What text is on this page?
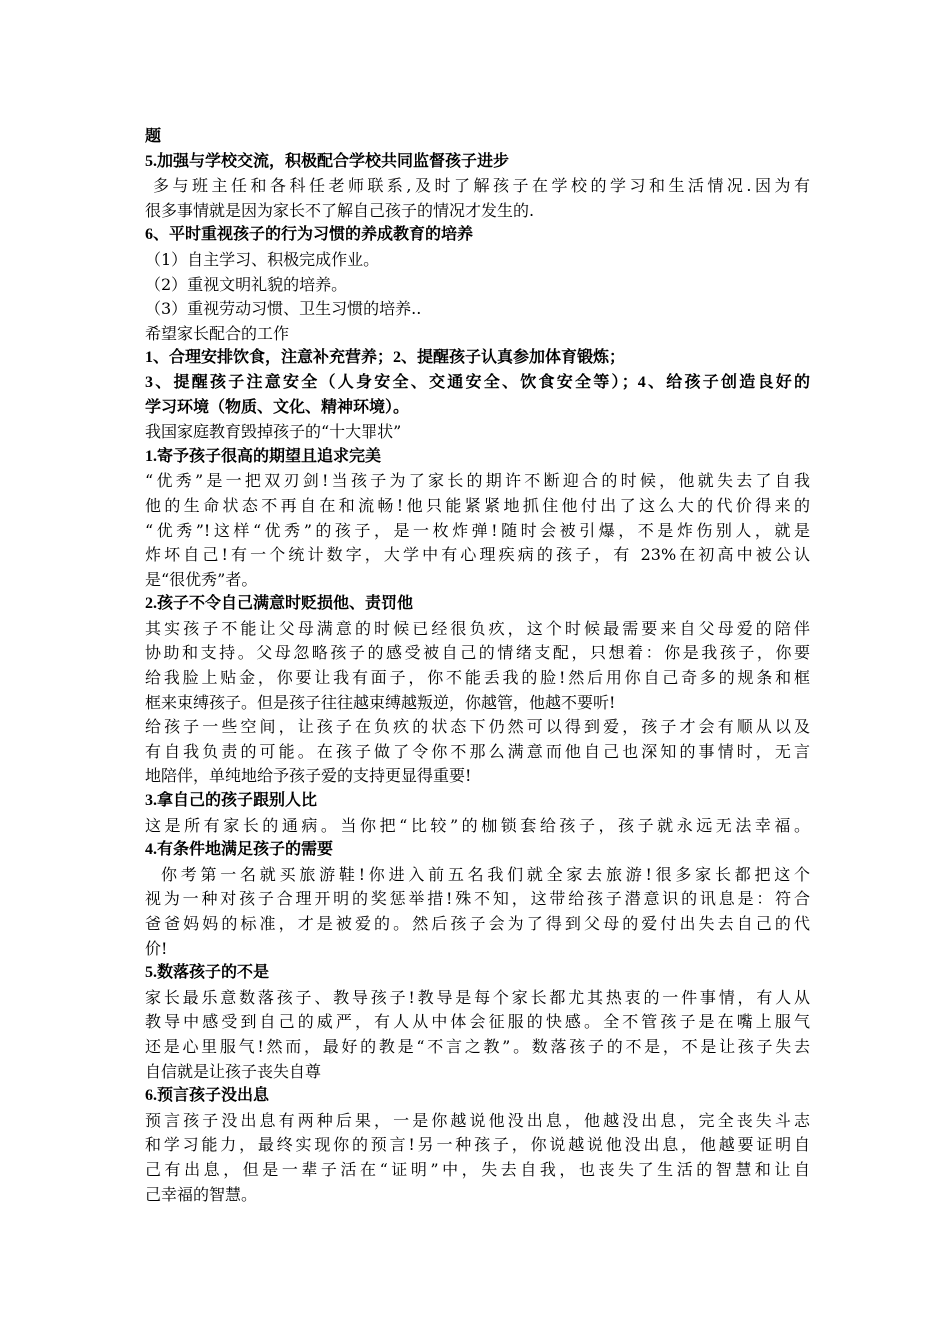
题
5.加强与学校交流，积极配合学校共同监督孩子进步
多与班主任和各科任老师联系,及时了解孩子在学校的学习和生活情况.因为有
很多事情就是因为家长不了解自己孩子的情况才发生的.
6、平时重视孩子的行为习惯的养成教育的培养
（1）自主学习、积极完成作业。
（2）重视文明礼貌的培养。
（3）重视劳动习惯、卫生习惯的培养..
希望家长配合的工作
1、合理安排饮食，注意补充营养；2、提醒孩子认真参加体育锻炼；
3、提醒孩子注意安全（人身安全、交通安全、饮食安全等）；4、给孩子创造良好的
学习环境（物质、文化、精神环境）。
我国家庭教育毁掉孩子的“十大罪状”
1.寄予孩子很高的期望且追求完美
“优秀”是一把双刃剑!当孩子为了家长的期许不断迎合的时候，他就失去了自我
他的生命状态不再自在和流畅!他只能紧紧地抓住他付出了这么大的代价得来的
“优秀”!这样“优秀”的孩子，是一枚炸弹!随时会被引爆，不是炸伤别人，就是
炸坏自己!有一个统计数字，大学中有心理疾病的孩子，有 23%在初高中被公认
是“很优秀”者。
2.孩子不令自己满意时贬损他、责罚他
其实孩子不能让父母满意的时候已经很负疚，这个时候最需要来自父母爱的陪伴
协助和支持。父母忽略孩子的感受被自己的情绪支配，只想着：你是我孩子，你要
给我脸上贴金，你要让我有面子，你不能丢我的脸!然后用你自己奇多的规条和框
框来束缚孩子。但是孩子往往越束缚越叛逆，你越管，他越不要听!
给孩子一些空间，让孩子在负疚的状态下仍然可以得到爱，孩子才会有顺从以及
有自我负责的可能。在孩子做了令你不那么满意而他自己也深知的事情时，无言
地陪伴，单纯地给予孩子爱的支持更显得重要!
3.拿自己的孩子跟别人比
这是所有家长的通病。当你把“比较”的枷锁套给孩子，孩子就永远无法幸福。
4.有条件地满足孩子的需要
你考第一名就买旅游鞋!你进入前五名我们就全家去旅游!很多家长都把这个
视为一种对孩子合理开明的奖惩举措!殊不知，这带给孩子潜意识的讯息是：符合
爸爸妈妈的标准，才是被爱的。然后孩子会为了得到父母的爱付出失去自己的代
价!
5.数落孩子的不是
家长最乐意数落孩子、教导孩子!教导是每个家长都尤其热衷的一件事情，有人从
教导中感受到自己的威严，有人从中体会征服的快感。全不管孩子是在嘴上服气
还是心里服气!然而，最好的教是“不言之教”。数落孩子的不是，不是让孩子失去
自信就是让孩子丧失自尊
6.预言孩子没出息
预言孩子没出息有两种后果，一是你越说他没出息，他越没出息，完全丧失斗志
和学习能力，最终实现你的预言!另一种孩子，你说越说他没出息，他越要证明自
己有出息，但是一辈子活在“证明”中，失去自我，也丧失了生活的智慧和让自
己幸福的智慧。
